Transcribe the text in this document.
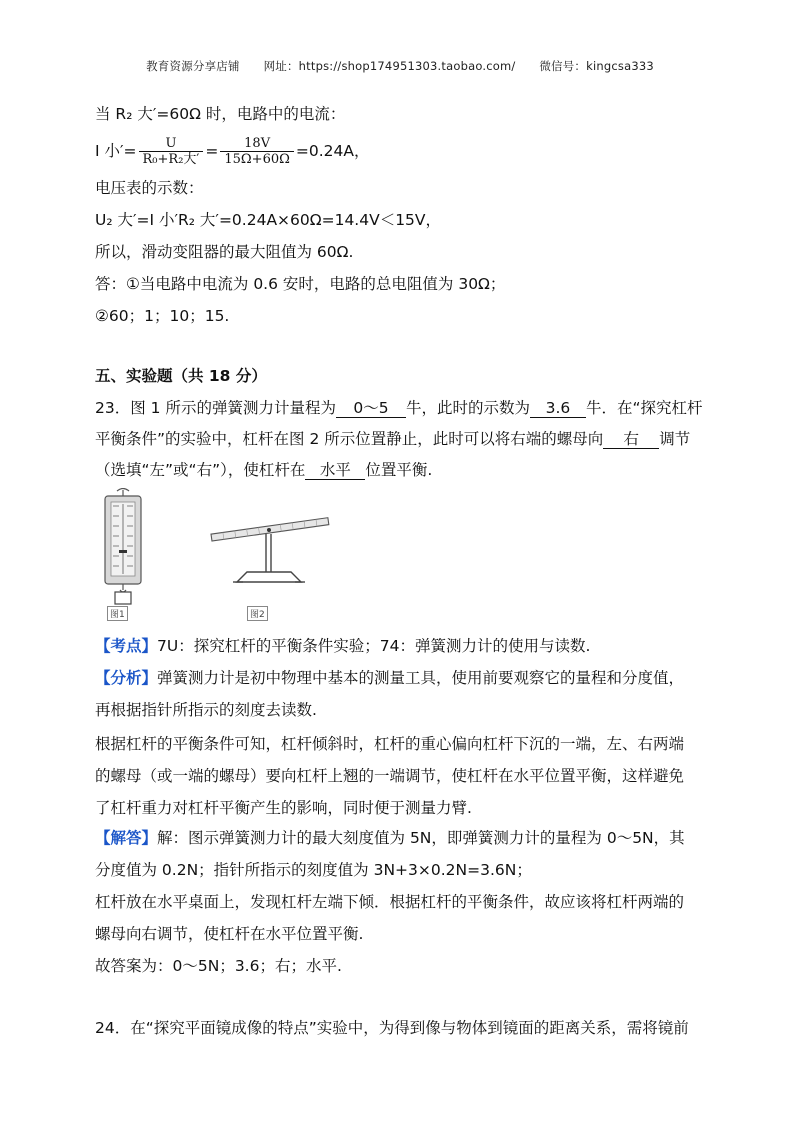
教育资源分享店铺 网址：https://shop174951303.taobao.com/ 微信号：kingcsa333
当 R₂ 大′=60Ω 时，电路中的电流：
I 小′= $\frac{U}{\text{R₀+R₂大′}} = \frac{18V}{15\Omega+60\Omega} =0.24A$，
电压表的示数：
U₂ 大′=I 小′R₂ 大′=0.24A×60Ω=14.4V＜15V，
所以，滑动变阻器的最大阻值为 60Ω.
答：①当电路中电流为 0.6 安时，电路的总电阻值为 30Ω；
②60；1；10；15.
五、实验题（共 18 分）
23．图 1 所示的弹簧测力计量程为 0～5 牛，此时的示数为 3.6 牛．在“探究杠杆
平衡条件”的实验中，杠杆在图 2 所示位置静止，此时可以将右端的螺母向 右 调节
（选填“左”或“右”），使杠杆在 水平 位置平衡.
【考点】7U：探究杠杆的平衡条件实验；74：弹簧测力计的使用与读数.
【分析】弹簧测力计是初中物理中基本的测量工具，使用前要观察它的量程和分度值，
再根据指针所指示的刻度去读数.
根据杠杆的平衡条件可知，杠杆倾斜时，杠杆的重心偏向杠杆下沉的一端，左、右两端
的螺母（或一端的螺母）要向杠杆上翘的一端调节，使杠杆在水平位置平衡，这样避免
了杠杆重力对杠杆平衡产生的影响，同时便于测量力臂.
【解答】解：图示弹簧测力计的最大刻度值为 5N，即弹簧测力计的量程为 0～5N，其
分度值为 0.2N；指针所指示的刻度值为 3N+3×0.2N=3.6N；
杠杆放在水平桌面上，发现杠杆左端下倾．根据杠杆的平衡条件，故应该将杠杆两端的
螺母向右调节，使杠杆在水平位置平衡.
故答案为：0～5N；3.6；右；水平.
24．在“探究平面镜成像的特点”实验中，为得到像与物体到镜面的距离关系，需将镜前
图1	图2
